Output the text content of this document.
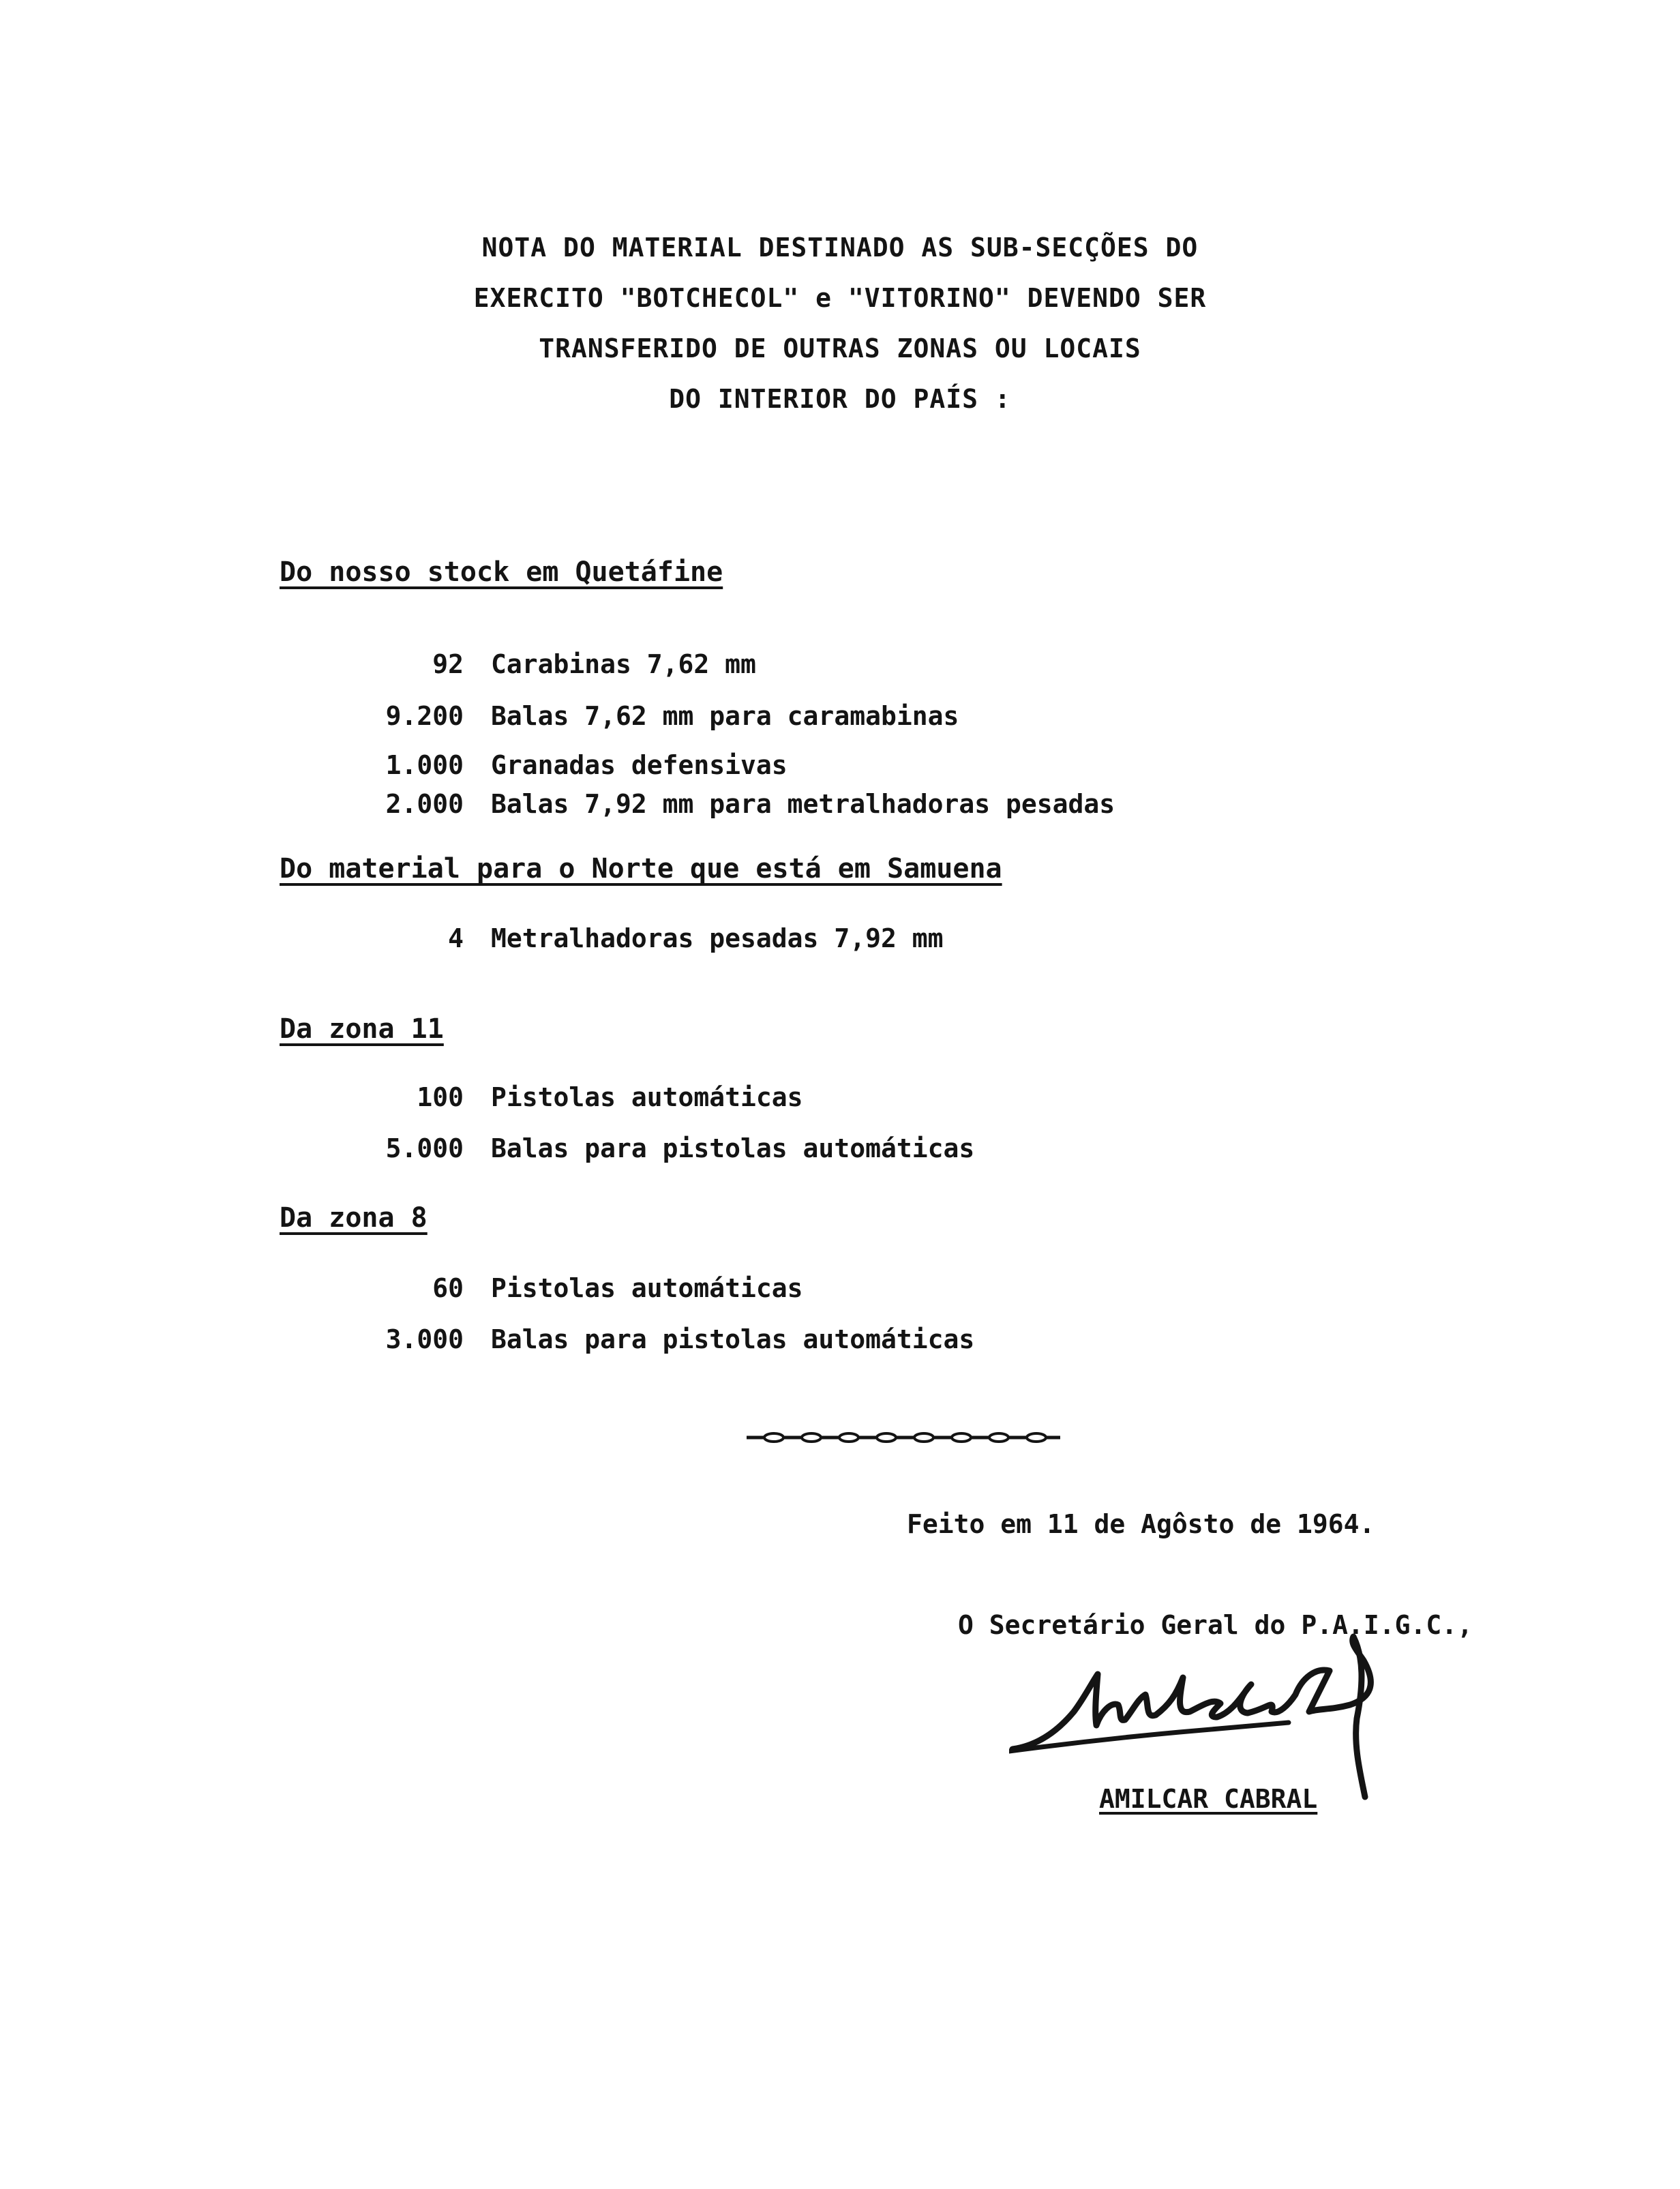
NOTA DO MATERIAL DESTINADO AS SUB-SECÇÕES DO
EXERCITO "BOTCHECOL" e "VITORINO" DEVENDO SER
TRANSFERIDO DE OUTRAS ZONAS OU LOCAIS
DO INTERIOR DO PAÍS :
Do nosso stock em Quetáfine
92 Carabinas 7,62 mm
9.200 Balas 7,62 mm para caramabinas
1.000 Granadas defensivas
2.000 Balas 7,92 mm para metralhadoras pesadas
Do material para o Norte que está em Samuena
4 Metralhadoras pesadas 7,92 mm
Da zona 11
100 Pistolas automáticas
5.000 Balas para pistolas automáticas
Da zona 8
60 Pistolas automáticas
3.000 Balas para pistolas automáticas
Feito em 11 de Agôsto de 1964.
O Secretário Geral do P.A.I.G.C.,
AMILCAR CABRAL
